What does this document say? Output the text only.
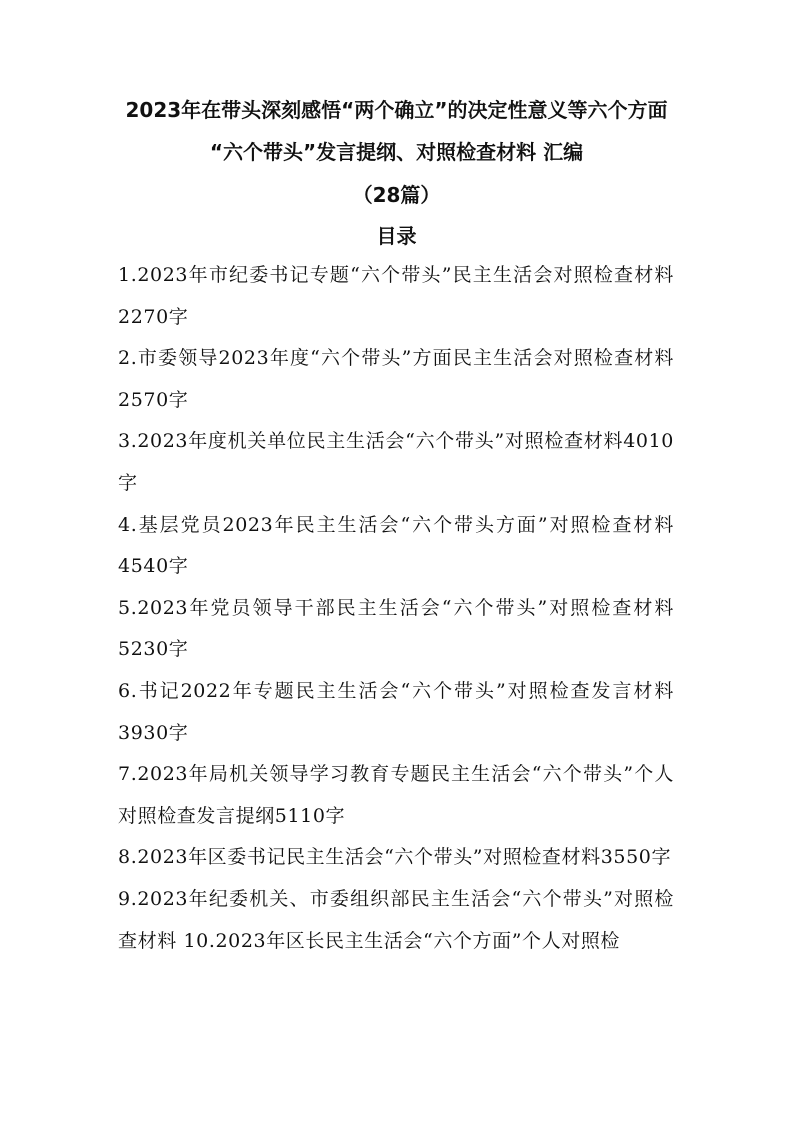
2023年在带头深刻感悟“两个确立”的决定性意义等六个方面
“六个带头”发言提纲、对照检查材料 汇编
（28篇）
目录
1.2023年市纪委书记专题“六个带头”民主生活会对照检查材料2270字
2.市委领导2023年度“六个带头”方面民主生活会对照检查材料2570字
3.2023年度机关单位民主生活会“六个带头”对照检查材料4010字
4.基层党员2023年民主生活会“六个带头方面”对照检查材料4540字
5.2023年党员领导干部民主生活会“六个带头”对照检查材料5230字
6.书记2022年专题民主生活会“六个带头”对照检查发言材料3930字
7.2023年局机关领导学习教育专题民主生活会“六个带头”个人对照检查发言提纲5110字
8.2023年区委书记民主生活会“六个带头”对照检查材料3550字
9.2023年纪委机关、市委组织部民主生活会“六个带头”对照检查材料 10.2023年区长民主生活会“六个方面”个人对照检
